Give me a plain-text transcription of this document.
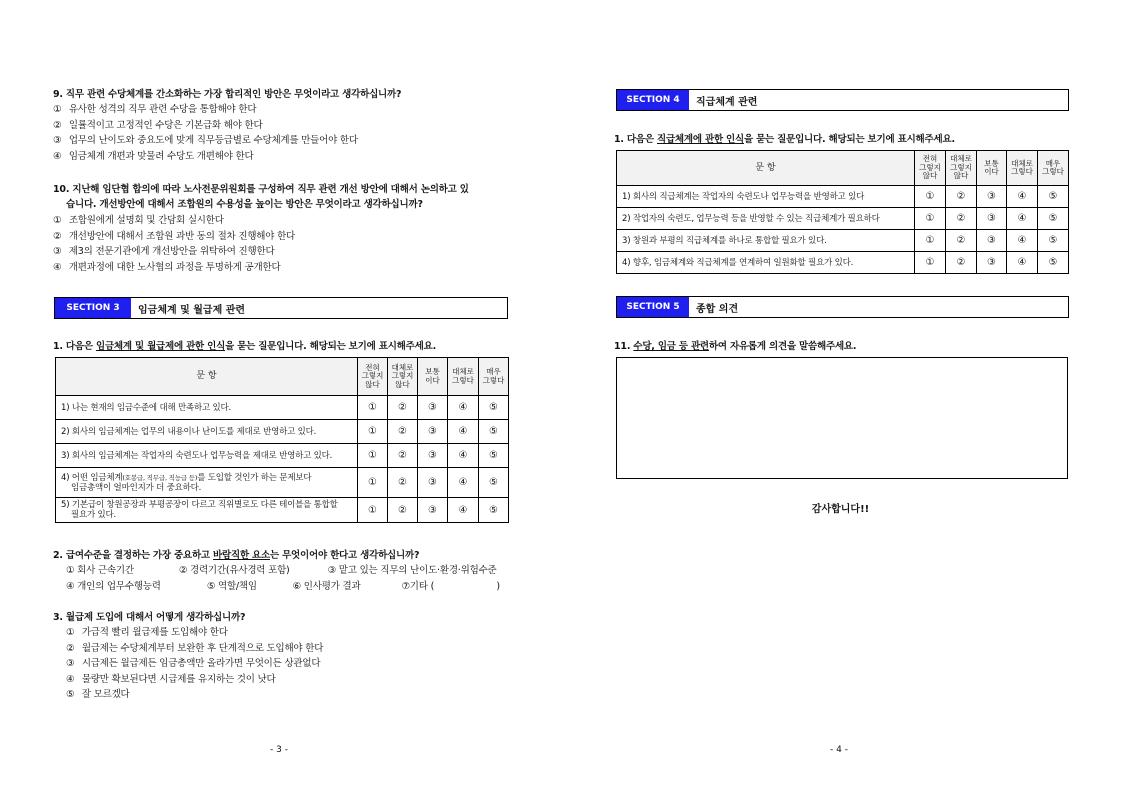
9. 직무 관련 수당체계를 간소화하는 가장 합리적인 방안은 무엇이라고 생각하십니까?
① 유사한 성격의 직무 관련 수당을 통합해야 한다
② 일률적이고 고정적인 수당은 기본급화 해야 한다
③ 업무의 난이도와 중요도에 맞게 직무등급별로 수당체계를 만들어야 한다
④ 임금체계 개편과 맞물려 수당도 개편해야 한다
10. 지난해 임단협 합의에 따라 노사전문위원회를 구성하여 직무 관련 개선 방안에 대해서 논의하고 있
습니다. 개선방안에 대해서 조합원의 수용성을 높이는 방안은 무엇이라고 생각하십니까?
① 조합원에게 설명회 및 간담회 실시한다
② 개선방안에 대해서 조합원 과반 동의 절차 진행해야 한다
③ 제3의 전문기관에게 개선방안을 위탁하여 진행한다
④ 개편과정에 대한 노사협의 과정을 투명하게 공개한다
SECTION 3	임금체계 및 월급제 관련
1. 다음은 임금체계 및 월급제에 관한 인식을 묻는 질문입니다. 해당되는 보기에 표시해주세요.
문 항	전혀
그렇지
않다	대체로
그렇지
않다	보통
이다	대체로
그렇다	매우
그렇다
1) 나는 현재의 임금수준에 대해 만족하고 있다.	①	②	③	④	⑤
2) 회사의 임금체계는 업무의 내용이나 난이도를 제대로 반영하고 있다.	①	②	③	④	⑤
3) 회사의 임금체계는 작업자의 숙련도나 업무능력을 제대로 반영하고 있다.	①	②	③	④	⑤
4) 어떤 임금체계(호봉급, 직무급, 직능급 등)를 도입할 것인가 하는 문제보다
임금총액이 얼마인지가 더 중요하다.	①	②	③	④	⑤
5) 기본급이 창원공장과 부평공장이 다르고 직위별로도 다른 테이블을 통합할
필요가 있다.	①	②	③	④	⑤
2. 급여수준을 결정하는 가장 중요하고 바람직한 요소는 무엇이어야 한다고 생각하십니까?
① 회사 근속기간	② 경력기간(유사경력 포함)	③ 맡고 있는 직무의 난이도·환경·위험수준
④ 개인의 업무수행능력	⑤ 역할/책임	⑥ 인사평가 결과	⑦기타 (	)
3. 월급제 도입에 대해서 어떻게 생각하십니까?
① 가급적 빨리 월급제를 도입해야 한다
② 월급제는 수당체계부터 보완한 후 단계적으로 도입해야 한다
③ 시급제든 월급제든 임금총액만 올라가면 무엇이든 상관없다
④ 물량만 확보된다면 시급제를 유지하는 것이 낫다
⑤ 잘 모르겠다
- 3 -
SECTION 4	직급체계 관련
1. 다음은 직급체계에 관한 인식을 묻는 질문입니다. 해당되는 보기에 표시해주세요.
문 항	전혀
그렇지
않다	대체로
그렇지
않다	보통
이다	대체로
그렇다	매우
그렇다
1) 회사의 직급체계는 작업자의 숙련도나 업무능력을 반영하고 있다	①	②	③	④	⑤
2) 작업자의 숙련도, 업무능력 등을 반영할 수 있는 직급체계가 필요하다	①	②	③	④	⑤
3) 창원과 부평의 직급체계를 하나로 통합할 필요가 있다.	①	②	③	④	⑤
4) 향후, 임금체계와 직급체계를 연계하여 일원화할 필요가 있다.	①	②	③	④	⑤
SECTION 5	종합 의견
11. 수당, 임금 등 관련하여 자유롭게 의견을 말씀해주세요.
감사합니다!!
- 4 -
